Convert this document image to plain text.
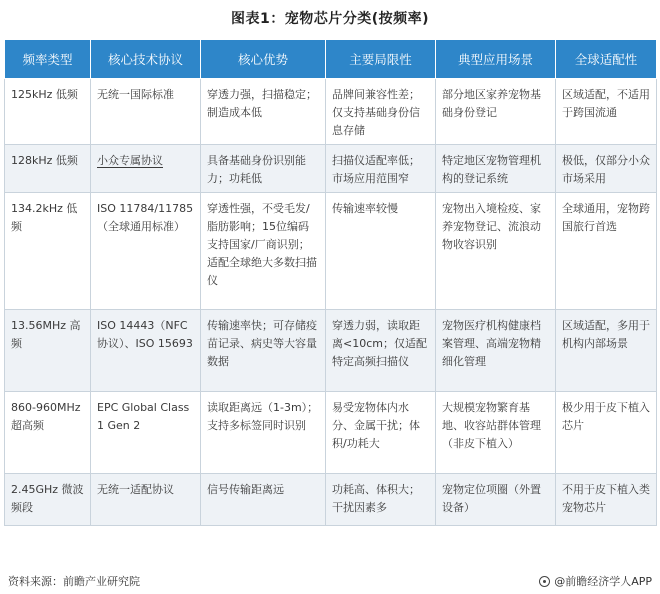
图表1：宠物芯片分类(按频率)
频率类型	核心技术协议	核心优势	主要局限性	典型应用场景	全球适配性
125kHz 低频	无统一国际标准	穿透力强，扫描稳定；制造成本低	品牌间兼容性差；仅支持基础身份信息存储	部分地区家养宠物基础身份登记	区域适配，不适用于跨国流通
128kHz 低频	小众专属协议	具备基础身份识别能力；功耗低	扫描仪适配率低；市场应用范围窄	特定地区宠物管理机构的登记系统	极低，仅部分小众市场采用
134.2kHz 低频	ISO 11784/11785（全球通用标准）	穿透性强，不受毛发/脂肪影响；15位编码支持国家/厂商识别；适配全球绝大多数扫描仪	传输速率较慢	宠物出入境检疫、家养宠物登记、流浪动物收容识别	全球通用，宠物跨国旅行首选
13.56MHz 高频	ISO 14443（NFC协议）、ISO 15693	传输速率快；可存储疫苗记录、病史等大容量数据	穿透力弱，读取距离<10cm；仅适配特定高频扫描仪	宠物医疗机构健康档案管理、高端宠物精细化管理	区域适配，多用于机构内部场景
860-960MHz 超高频	EPC Global Class 1 Gen 2	读取距离远（1-3m）；支持多标签同时识别	易受宠物体内水分、金属干扰；体积/功耗大	大规模宠物繁育基地、收容站群体管理（非皮下植入）	极少用于皮下植入芯片
2.45GHz 微波频段	无统一适配协议	信号传输距离远	功耗高、体积大；干扰因素多	宠物定位项圈（外置设备）	不用于皮下植入类宠物芯片
资料来源：前瞻产业研究院	@前瞻经济学人APP
